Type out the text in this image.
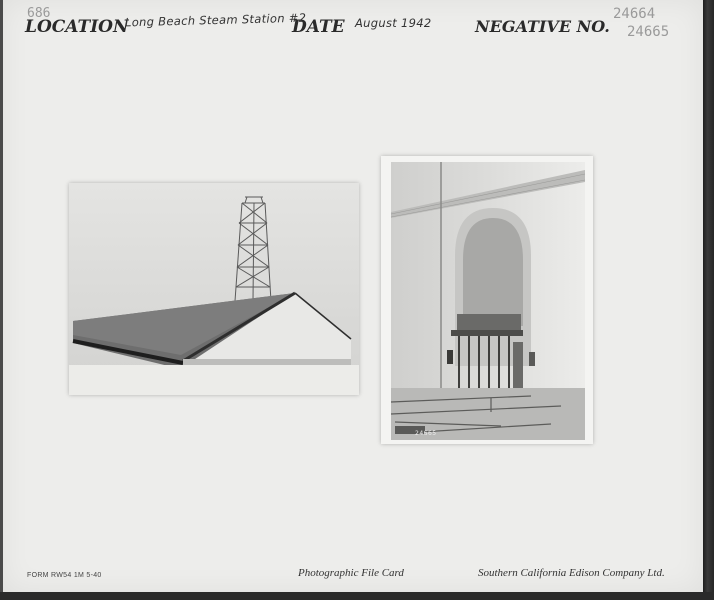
686
LOCATION
Long Beach Steam Station #2
DATE August 1942	NEGATIVE NO.
24664
24665
24665
FORM RW54 1M 5-40	Photographic File Card	Southern California Edison Company Ltd.
